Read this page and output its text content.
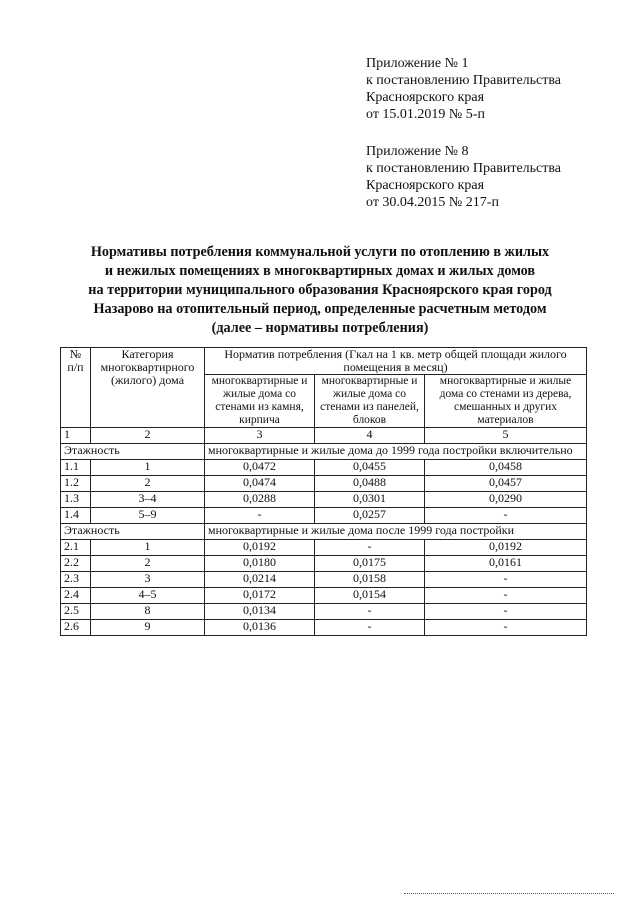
Приложение № 1
к постановлению Правительства
Красноярского края
от 15.01.2019 № 5-п
Приложение № 8
к постановлению Правительства
Красноярского края
от 30.04.2015 № 217-п
Нормативы потребления коммунальной услуги по отоплению в жилых
и нежилых помещениях в многоквартирных домах и жилых домов
на территории муниципального образования Красноярского края город
Назарово на отопительный период, определенные расчетным методом
(далее – нормативы потребления)
№ п/п	Категория многоквартирного (жилого) дома	Норматив потребления (Гкал на 1 кв. метр общей площади жилого помещения в месяц)		
		многоквартирные и жилые дома со стенами из камня, кирпича	многоквартирные и жилые дома со стенами из панелей, блоков	многоквартирные и жилые дома со стенами из дерева, смешанных и других материалов
1	2	3	4	5
Этажность		многоквартирные и жилые дома до 1999 года постройки включительно		
1.1	1	0,0472	0,0455	0,0458
1.2	2	0,0474	0,0488	0,0457
1.3	3–4	0,0288	0,0301	0,0290
1.4	5–9	-	0,0257	-
Этажность		многоквартирные и жилые дома после 1999 года постройки		
2.1	1	0,0192	-	0,0192
2.2	2	0,0180	0,0175	0,0161
2.3	3	0,0214	0,0158	-
2.4	4–5	0,0172	0,0154	-
2.5	8	0,0134	-	-
2.6	9	0,0136	-	-
